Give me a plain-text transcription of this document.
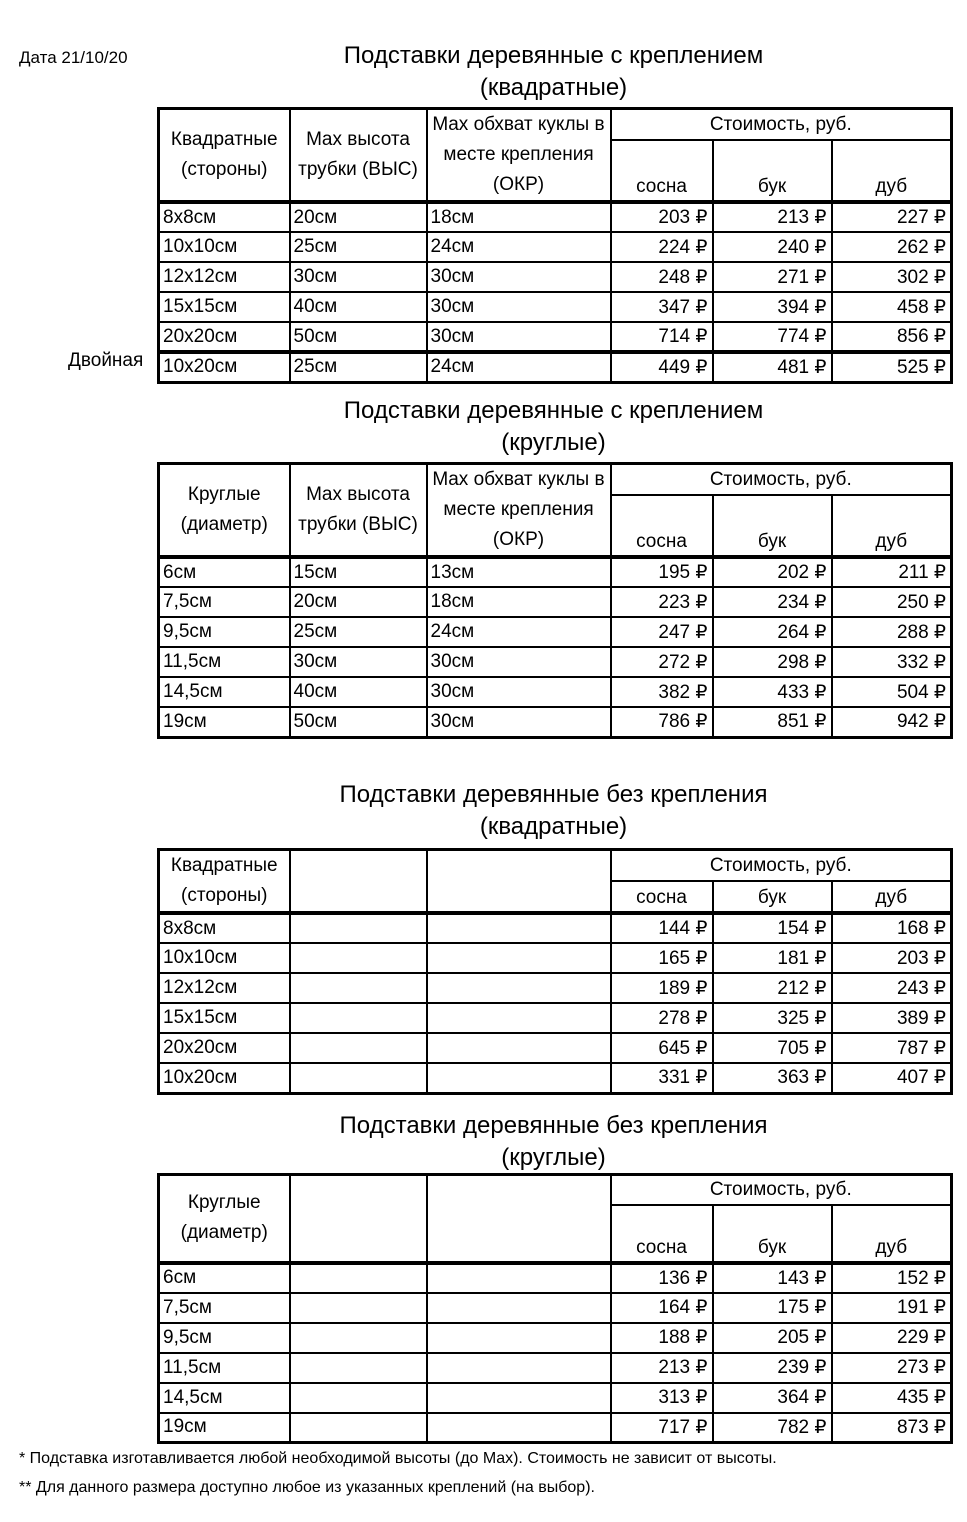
Дата 21/10/20	Подставки деревянные с креплением
(квадратные)
Квадратные (стороны)	Max высота трубки (ВЫС)	Max обхват куклы в месте крепления (ОКР)	Стоимость, руб.		
			сосна	бук	дуб
8х8см	20см	18см	203 ₽	213 ₽	227 ₽
10х10см	25см	24см	224 ₽	240 ₽	262 ₽
12х12см	30см	30см	248 ₽	271 ₽	302 ₽
15х15см	40см	30см	347 ₽	394 ₽	458 ₽
20х20см	50см	30см	714 ₽	774 ₽	856 ₽
10х20см	25см	24см	449 ₽	481 ₽	525 ₽
Двойная
Подставки деревянные с креплением
(круглые)
Круглые (диаметр)	Max высота трубки (ВЫС)	Max обхват куклы в месте крепления (ОКР)	Стоимость, руб.		
			сосна	бук	дуб
6см	15см	13см	195 ₽	202 ₽	211 ₽
7,5см	20см	18см	223 ₽	234 ₽	250 ₽
9,5см	25см	24см	247 ₽	264 ₽	288 ₽
11,5см	30см	30см	272 ₽	298 ₽	332 ₽
14,5см	40см	30см	382 ₽	433 ₽	504 ₽
19см	50см	30см	786 ₽	851 ₽	942 ₽
Подставки деревянные без крепления
(квадратные)
Квадратные (стороны)			Стоимость, руб.		
			сосна	бук	дуб
8х8см			144 ₽	154 ₽	168 ₽
10х10см			165 ₽	181 ₽	203 ₽
12х12см			189 ₽	212 ₽	243 ₽
15х15см			278 ₽	325 ₽	389 ₽
20х20см			645 ₽	705 ₽	787 ₽
10х20см			331 ₽	363 ₽	407 ₽
Подставки деревянные без крепления
(круглые)
Круглые (диаметр)			Стоимость, руб.		
			сосна	бук	дуб
6см			136 ₽	143 ₽	152 ₽
7,5см			164 ₽	175 ₽	191 ₽
9,5см			188 ₽	205 ₽	229 ₽
11,5см			213 ₽	239 ₽	273 ₽
14,5см			313 ₽	364 ₽	435 ₽
19см			717 ₽	782 ₽	873 ₽
* Подставка изготавливается любой необходимой высоты (до Max). Стоимость не зависит от высоты.
** Для данного размера доступно любое из указанных креплений (на выбор).
